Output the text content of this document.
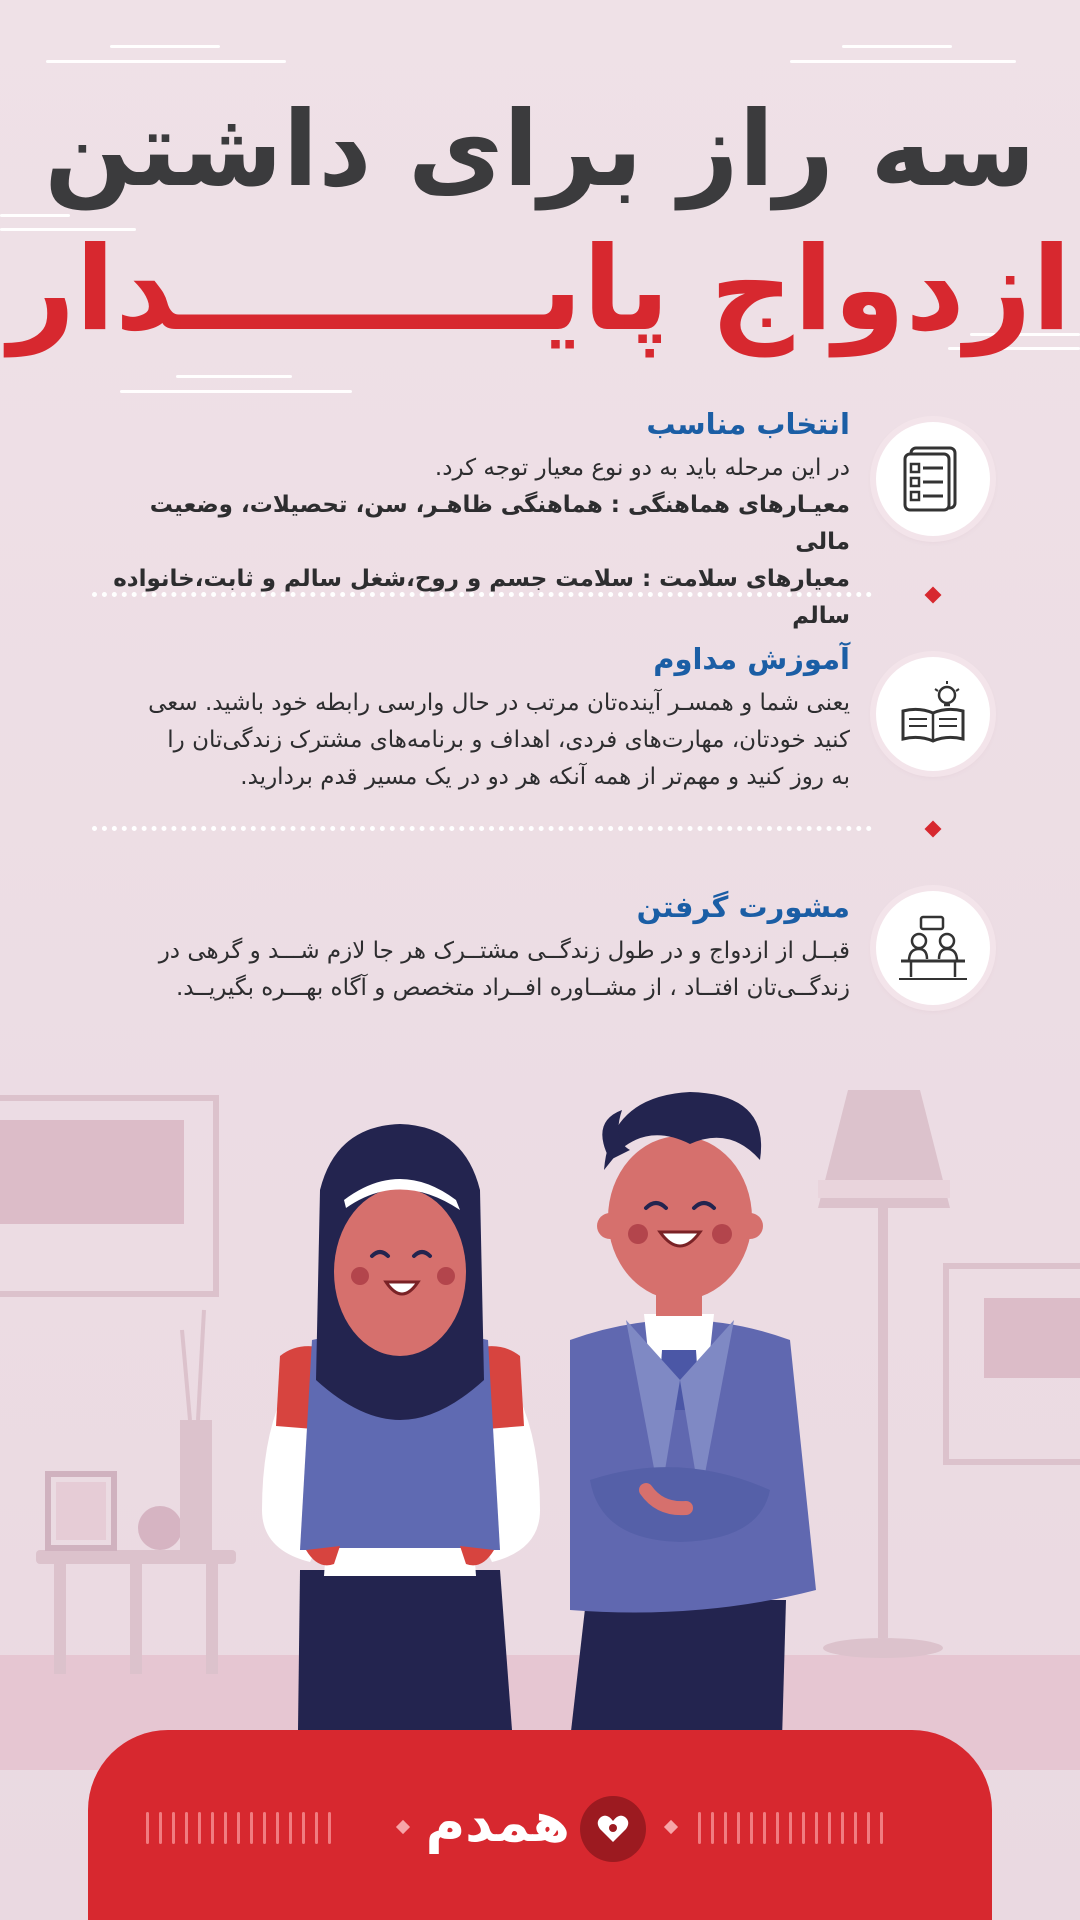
سه راز برای داشتن
ازدواج پایـــــــــدار

انتخاب مناسب

در این مرحله باید به دو نوع معیار توجه کرد.

معیـارهای هماهنگی : هماهنگی ظاهـر، سن، تحصیلات، وضعیت مالی

معیارهای سلامت : سلامت جسم و روح،شغل سالم و ثابت،خانواده سالم

آموزش مداوم

یعنی شما و همسـر آینده‌تان مرتب در حال وارسی رابطه خود باشید. سعی

کنید خودتان، مهارت‌های فردی، اهداف و برنامه‌های مشترک زندگی‌تان را

به روز کنید و مهم‌تر از همه آنکه هر دو در یک مسیر قدم بردارید.

مشورت گرفتن

قبــل از ازدواج و در طول زندگــی مشتــرک هر جا لازم شـــد و گرهی در

زندگــی‌تان افتــاد ، از مشــاوره افــراد متخصص و آگاه بهـــره بگیریــد.

همدم
